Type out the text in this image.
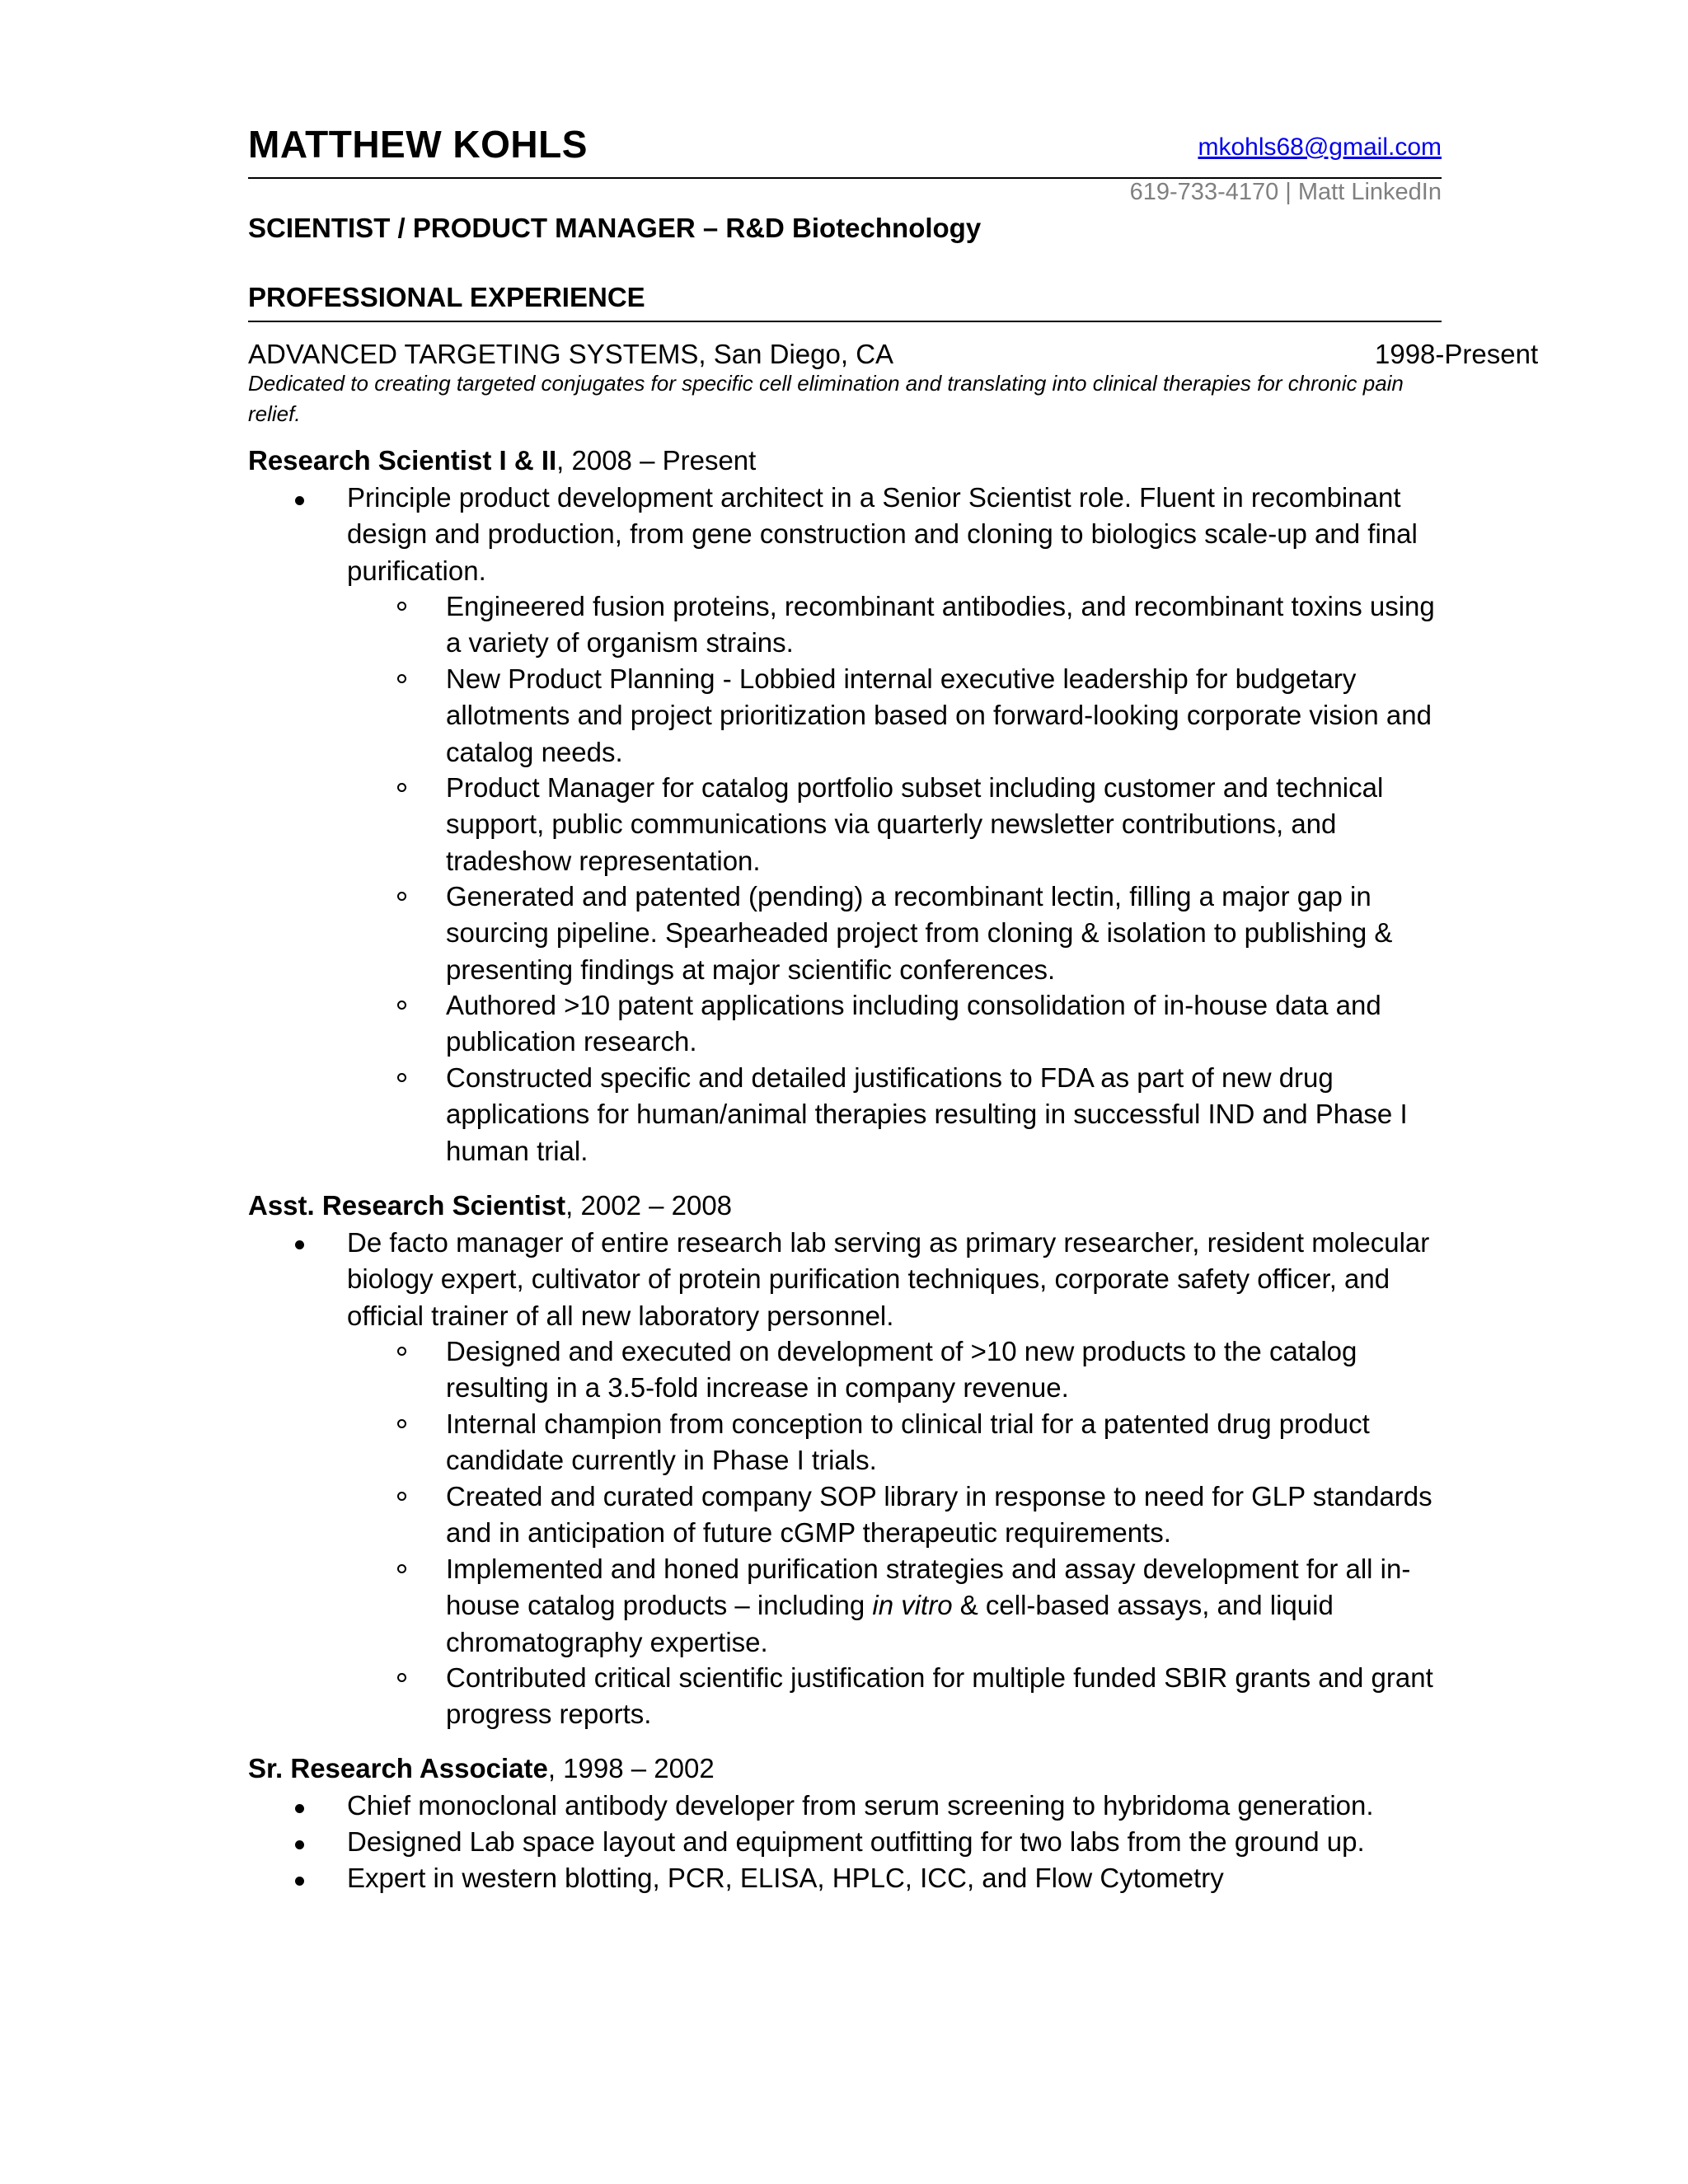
MATTHEW KOHLS	mkohls68@gmail.com
619-733-4170 | Matt LinkedIn
SCIENTIST / PRODUCT MANAGER – R&D Biotechnology
PROFESSIONAL EXPERIENCE
ADVANCED TARGETING SYSTEMS, San Diego, CA	1998-Present
Dedicated to creating targeted conjugates for specific cell elimination and translating into clinical therapies for chronic pain relief.
Research Scientist I & II, 2008 – Present
Principle product development architect in a Senior Scientist role. Fluent in recombinant design and production, from gene construction and cloning to biologics scale-up and final purification.
Engineered fusion proteins, recombinant antibodies, and recombinant toxins using a variety of organism strains.
New Product Planning - Lobbied internal executive leadership for budgetary allotments and project prioritization based on forward-looking corporate vision and catalog needs.
Product Manager for catalog portfolio subset including customer and technical support, public communications via quarterly newsletter contributions, and tradeshow representation.
Generated and patented (pending) a recombinant lectin, filling a major gap in sourcing pipeline. Spearheaded project from cloning & isolation to publishing & presenting findings at major scientific conferences.
Authored >10 patent applications including consolidation of in-house data and publication research.
Constructed specific and detailed justifications to FDA as part of new drug applications for human/animal therapies resulting in successful IND and Phase I human trial.
Asst. Research Scientist, 2002 – 2008
De facto manager of entire research lab serving as primary researcher, resident molecular biology expert, cultivator of protein purification techniques, corporate safety officer, and official trainer of all new laboratory personnel.
Designed and executed on development of >10 new products to the catalog resulting in a 3.5-fold increase in company revenue.
Internal champion from conception to clinical trial for a patented drug product candidate currently in Phase I trials.
Created and curated company SOP library in response to need for GLP standards and in anticipation of future cGMP therapeutic requirements.
Implemented and honed purification strategies and assay development for all in-house catalog products – including in vitro & cell-based assays, and liquid chromatography expertise.
Contributed critical scientific justification for multiple funded SBIR grants and grant progress reports.
Sr. Research Associate, 1998 – 2002
Chief monoclonal antibody developer from serum screening to hybridoma generation.
Designed Lab space layout and equipment outfitting for two labs from the ground up.
Expert in western blotting, PCR, ELISA, HPLC, ICC, and Flow Cytometry
